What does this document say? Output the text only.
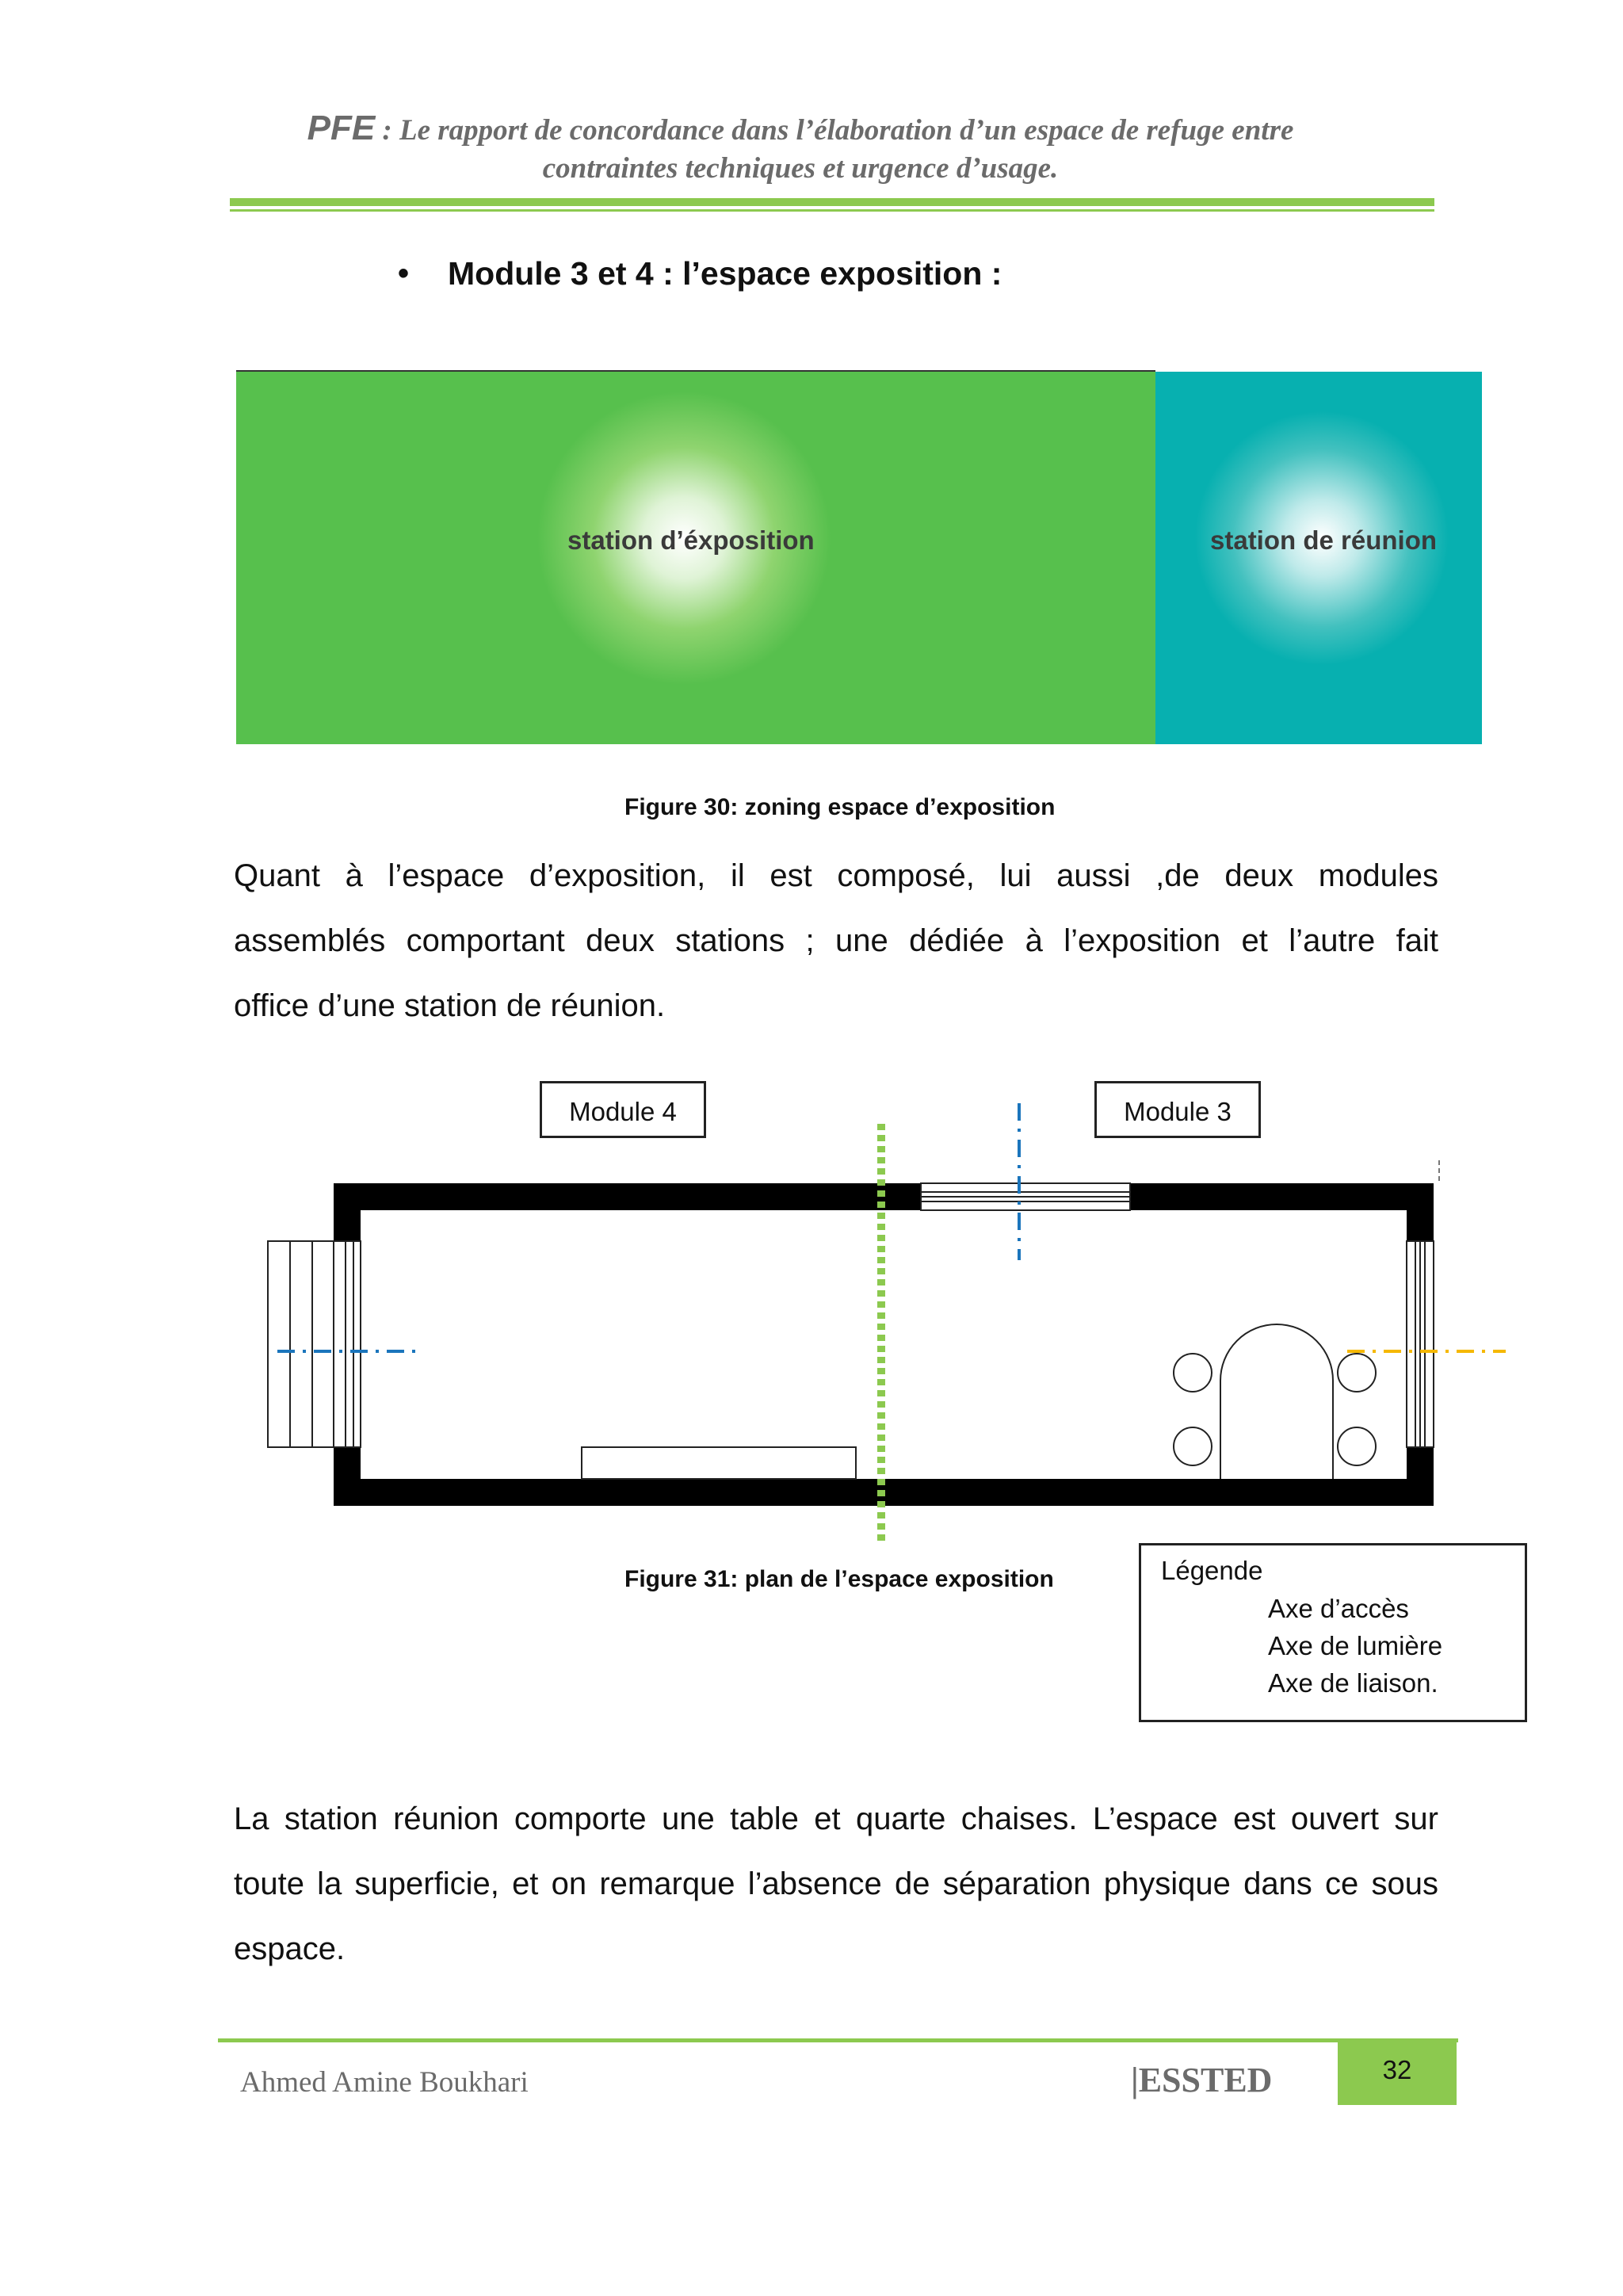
PFE : Le rapport de concordance dans l’élaboration d’un espace de refuge entre
contraintes techniques et urgence d’usage.
• Module 3 et 4 : l’espace exposition :
station d’éxposition	station de réunion
Figure 30: zoning espace d’exposition
Quant à l’espace d’exposition, il est composé, lui aussi ,de deux modules
assemblés comportant deux stations ; une dédiée à l’exposition et l’autre fait
office d’une station de réunion.
Module 4	Module 3
Figure 31: plan de l’espace exposition	Légende
Axe d’accès
Axe de lumière
Axe de liaison.
La station réunion comporte une table et quarte chaises. L’espace est ouvert sur
toute la superficie, et on remarque l’absence de séparation physique dans ce sous
espace.
Ahmed Amine Boukhari	|ESSTED	32
